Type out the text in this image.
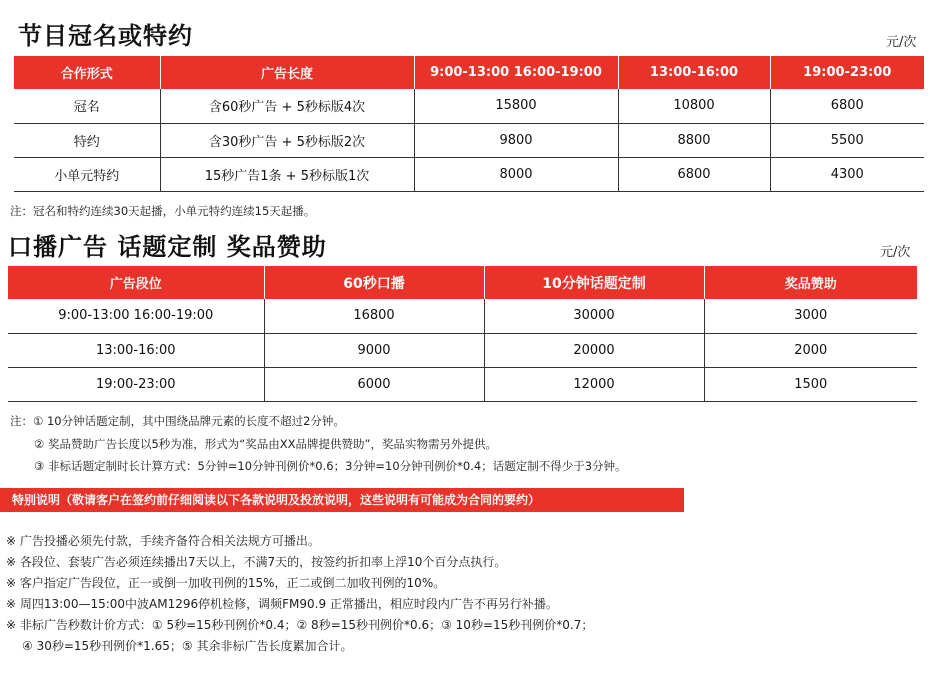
节目冠名或特约	元/次
合作形式	广告长度	9:00-13:00 16:00-19:00	13:00-16:00	19:00-23:00
冠名	含60秒广告 + 5秒标版4次	15800	10800	6800
特约	含30秒广告 + 5秒标版2次	9800	8800	5500
小单元特约	15秒广告1条 + 5秒标版1次	8000	6800	4300
注：冠名和特约连续30天起播，小单元特约连续15天起播。
口播广告 话题定制 奖品赞助	元/次
广告段位	60秒口播	10分钟话题定制	奖品赞助
9:00-13:00 16:00-19:00	16800	30000	3000
13:00-16:00	9000	20000	2000
19:00-23:00	6000	12000	1500
注：① 10分钟话题定制，其中围绕品牌元素的长度不超过2分钟。
② 奖品赞助广告长度以5秒为准，形式为“奖品由XX品牌提供赞助”，奖品实物需另外提供。
③ 非标话题定制时长计算方式：5分钟=10分钟刊例价*0.6；3分钟=10分钟刊例价*0.4；话题定制不得少于3分钟。
特别说明（敬请客户在签约前仔细阅读以下各款说明及投放说明，这些说明有可能成为合同的要约）
※ 广告投播必须先付款，手续齐备符合相关法规方可播出。
※ 各段位、套装广告必须连续播出7天以上，不满7天的，按签约折扣率上浮10个百分点执行。
※ 客户指定广告段位，正一或倒一加收刊例的15%，正二或倒二加收刊例的10%。
※ 周四13:00—15:00中波AM1296停机检修，调频FM90.9 正常播出，相应时段内广告不再另行补播。
※ 非标广告秒数计价方式：① 5秒=15秒刊例价*0.4；② 8秒=15秒刊例价*0.6；③ 10秒=15秒刊例价*0.7；
④ 30秒=15秒刊例价*1.65；⑤ 其余非标广告长度累加合计。
